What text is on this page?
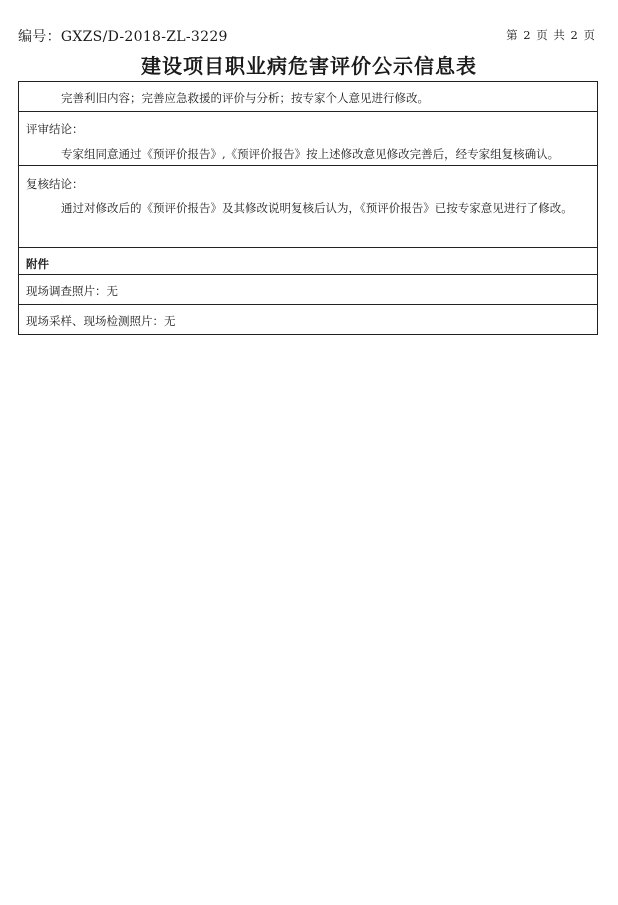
编号：GXZS/D-2018-ZL-3229	第 2 页 共 2 页
建设项目职业病危害评价公示信息表
完善利旧内容；完善应急救援的评价与分析；按专家个人意见进行修改。
评审结论：
专家组同意通过《预评价报告》,《预评价报告》按上述修改意见修改完善后，经专家组复核确认。
复核结论：
通过对修改后的《预评价报告》及其修改说明复核后认为，《预评价报告》已按专家意见进行了修改。
附件
现场调查照片：无
现场采样、现场检测照片：无
